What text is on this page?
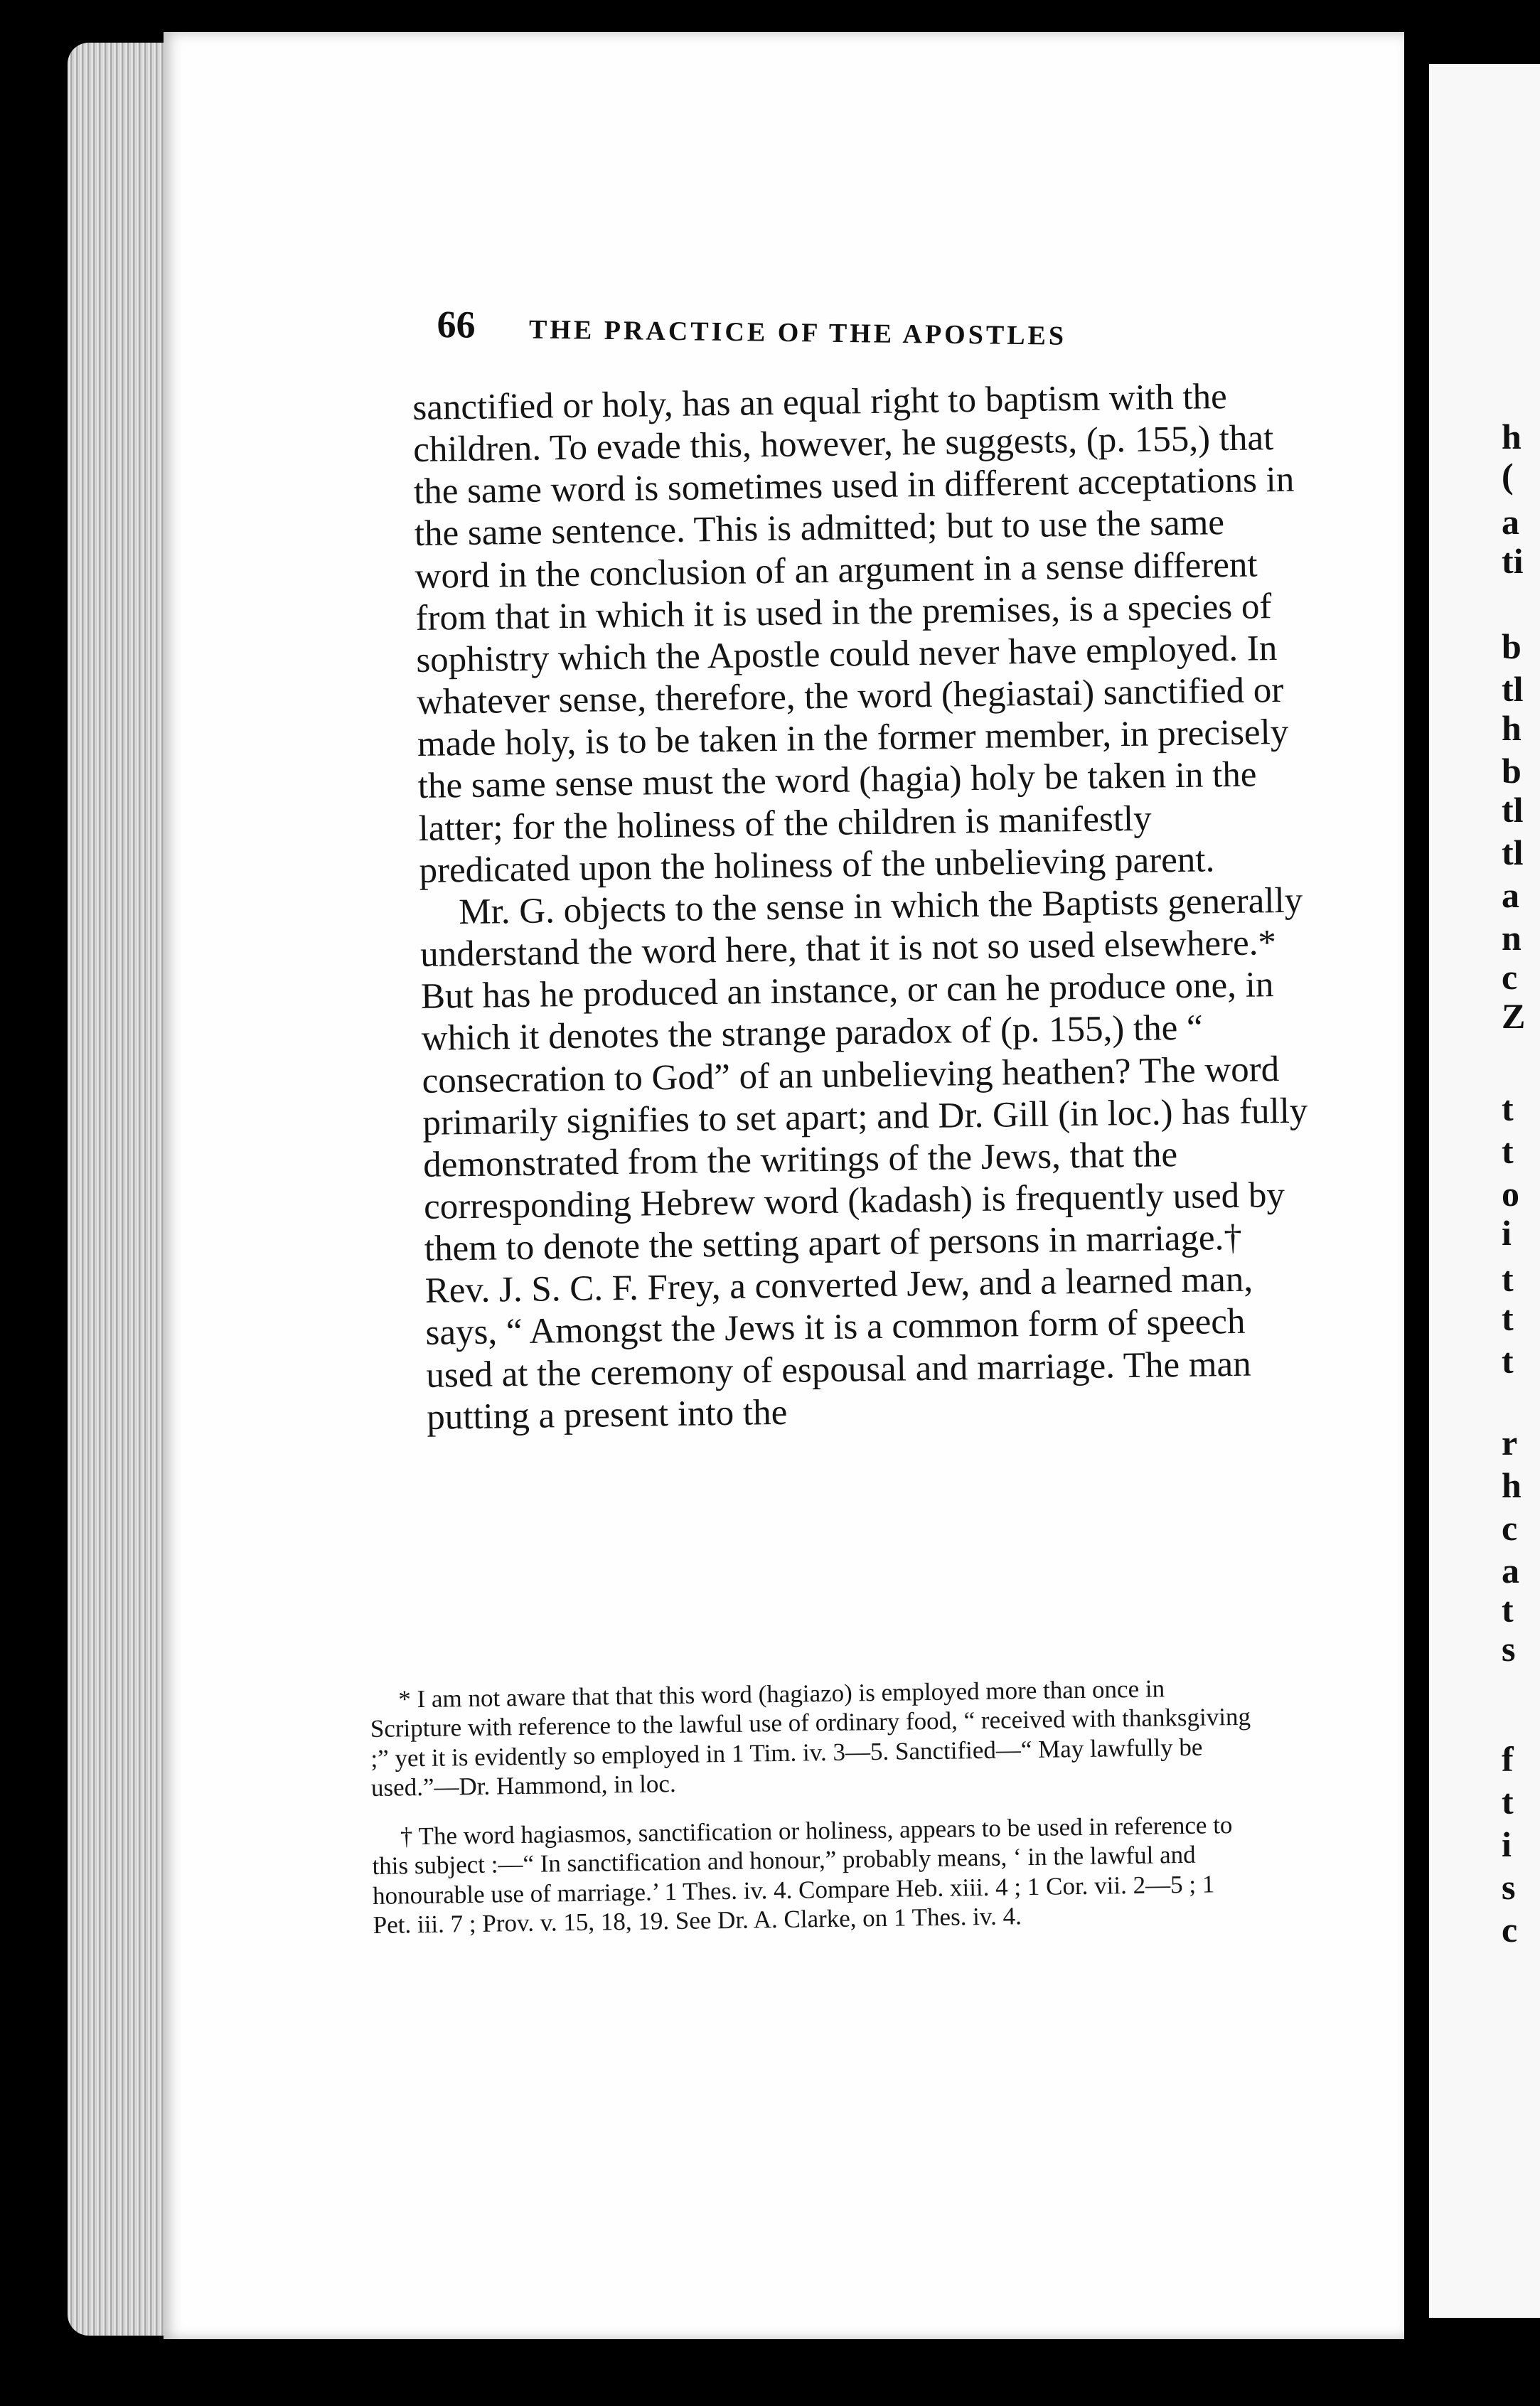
h
(
a
ti
b
tl
h
b
tl
tl
a
n
c
Z
t
t
o
i
t
t
t
r
h
c
a
t
s
f
t
i
s
c
66 THE PRACTICE OF THE APOSTLES

sanctified or holy, has an equal right to baptism with the children. To evade this, however, he suggests, (p. 155,) that the same word is sometimes used in different acceptations in the same sentence. This is admitted; but to use the same word in the conclusion of an argument in a sense different from that in which it is used in the premises, is a species of sophistry which the Apostle could never have employed. In whatever sense, therefore, the word (hegiastai) sanctified or made holy, is to be taken in the former member, in precisely the same sense must the word (hagia) holy be taken in the latter; for the holiness of the children is manifestly predicated upon the holiness of the unbelieving parent.

Mr. G. objects to the sense in which the Baptists generally understand the word here, that it is not so used elsewhere.* But has he produced an instance, or can he produce one, in which it denotes the strange paradox of (p. 155,) the “ consecration to God” of an unbelieving heathen? The word primarily signifies to set apart; and Dr. Gill (in loc.) has fully demonstrated from the writings of the Jews, that the corresponding Hebrew word (kadash) is frequently used by them to denote the setting apart of persons in marriage.† Rev. J. S. C. F. Frey, a converted Jew, and a learned man, says, “ Amongst the Jews it is a common form of speech used at the ceremony of espousal and marriage. The man putting a present into the

* I am not aware that that this word (hagiazo) is employed more than once in Scripture with reference to the lawful use of ordinary food, “ received with thanksgiving ;” yet it is evidently so employed in 1 Tim. iv. 3—5. Sanctified—“ May lawfully be used.”—Dr. Hammond, in loc.

† The word hagiasmos, sanctification or holiness, appears to be used in reference to this subject :—“ In sanctification and honour,” probably means, ‘ in the lawful and honourable use of marriage.’ 1 Thes. iv. 4. Compare Heb. xiii. 4 ; 1 Cor. vii. 2—5 ; 1 Pet. iii. 7 ; Prov. v. 15, 18, 19. See Dr. A. Clarke, on 1 Thes. iv. 4.
